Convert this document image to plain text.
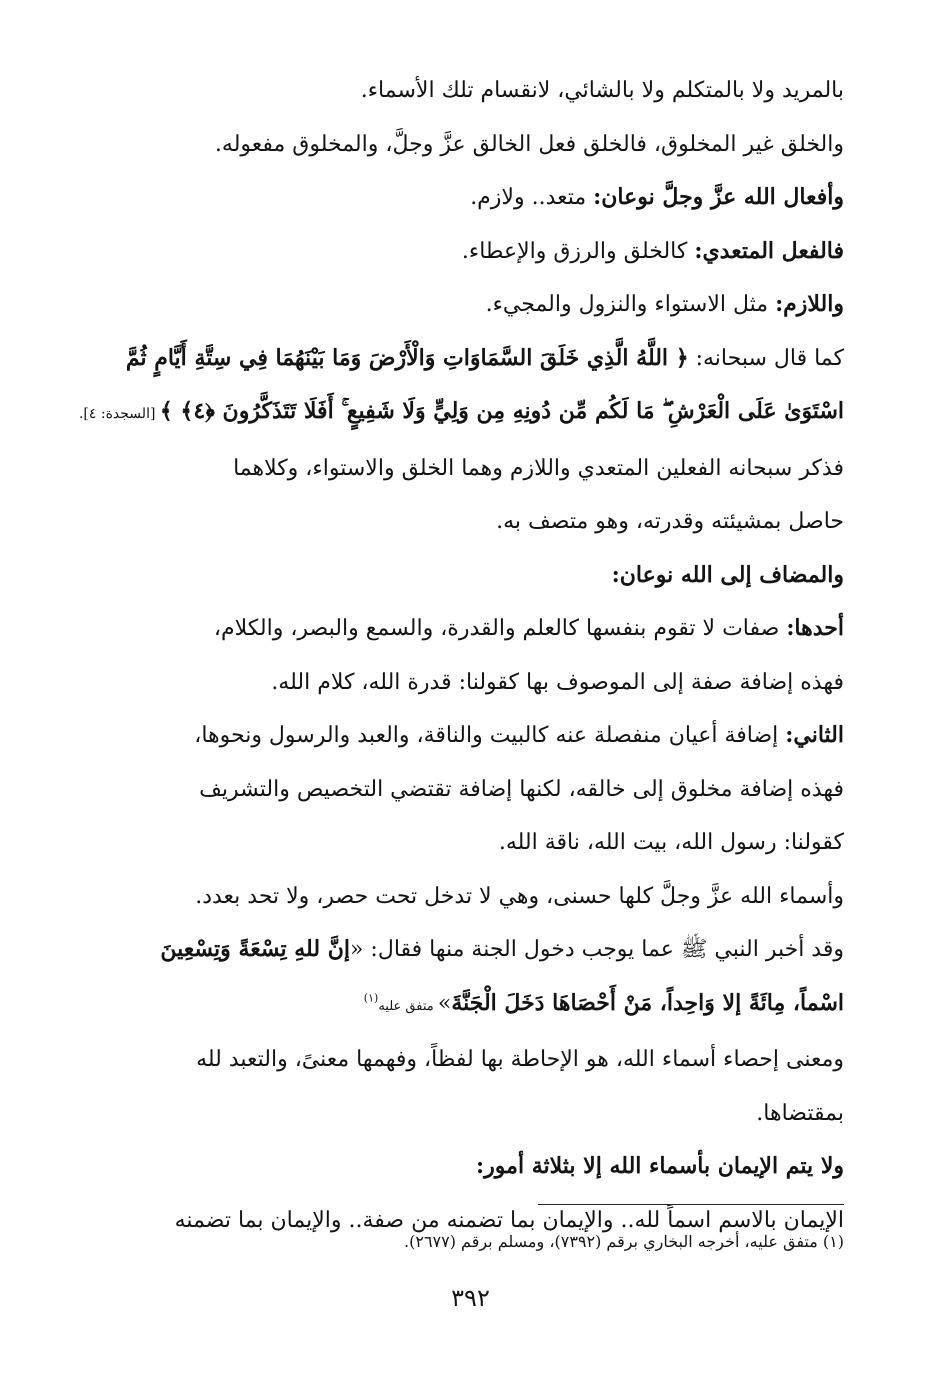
بالمريد ولا بالمتكلم ولا بالشائي، لانقسام تلك الأسماء.

والخلق غير المخلوق، فالخلق فعل الخالق عزَّ وجلَّ، والمخلوق مفعوله.

وأفعال الله عزَّ وجلَّ نوعان: متعد.. ولازم.

فالفعل المتعدي: كالخلق والرزق والإعطاء.

واللازم: مثل الاستواء والنزول والمجيء.

كما قال سبحانه: ﴿ اللَّهُ الَّذِي خَلَقَ السَّمَاوَاتِ وَالْأَرْضَ وَمَا بَيْنَهُمَا فِي سِتَّةِ أَيَّامٍ ثُمَّ

اسْتَوَىٰ عَلَى الْعَرْشِ ۖ مَا لَكُم مِّن دُونِهِ مِن وَلِيٍّ وَلَا شَفِيعٍ ۚ أَفَلَا تَتَذَكَّرُونَ ﴿٤﴾ ﴾ [السجدة: ٤].

فذكر سبحانه الفعلين المتعدي واللازم وهما الخلق والاستواء، وكلاهما

حاصل بمشيئته وقدرته، وهو متصف به.

والمضاف إلى الله نوعان:

أحدها: صفات لا تقوم بنفسها كالعلم والقدرة، والسمع والبصر، والكلام،

فهذه إضافة صفة إلى الموصوف بها كقولنا: قدرة الله، كلام الله.

الثاني: إضافة أعيان منفصلة عنه كالبيت والناقة، والعبد والرسول ونحوها،

فهذه إضافة مخلوق إلى خالقه، لكنها إضافة تقتضي التخصيص والتشريف

كقولنا: رسول الله، بيت الله، ناقة الله.

وأسماء الله عزَّ وجلَّ كلها حسنى، وهي لا تدخل تحت حصر، ولا تحد بعدد.

وقد أخبر النبي ﷺ عما يوجب دخول الجنة منها فقال: «إنَّ للهِ تِسْعَةً وَتِسْعِينَ

اسْماً، مِائَةً إلا وَاحِداً، مَنْ أَحْصَاهَا دَخَلَ الْجَنَّةَ» متفق عليه$^{(١)}$

ومعنى إحصاء أسماء الله، هو الإحاطة بها لفظاً، وفهمها معنىً، والتعبد لله

بمقتضاها.

ولا يتم الإيمان بأسماء الله إلا بثلاثة أمور:

الإيمان بالاسم اسماً لله.. والإيمان بما تضمنه من صفة.. والإيمان بما تضمنه

(١) متفق عليه، أخرجه البخاري برقم (٧٣٩٢)، ومسلم برقم (٢٦٧٧).
٣٩٢
